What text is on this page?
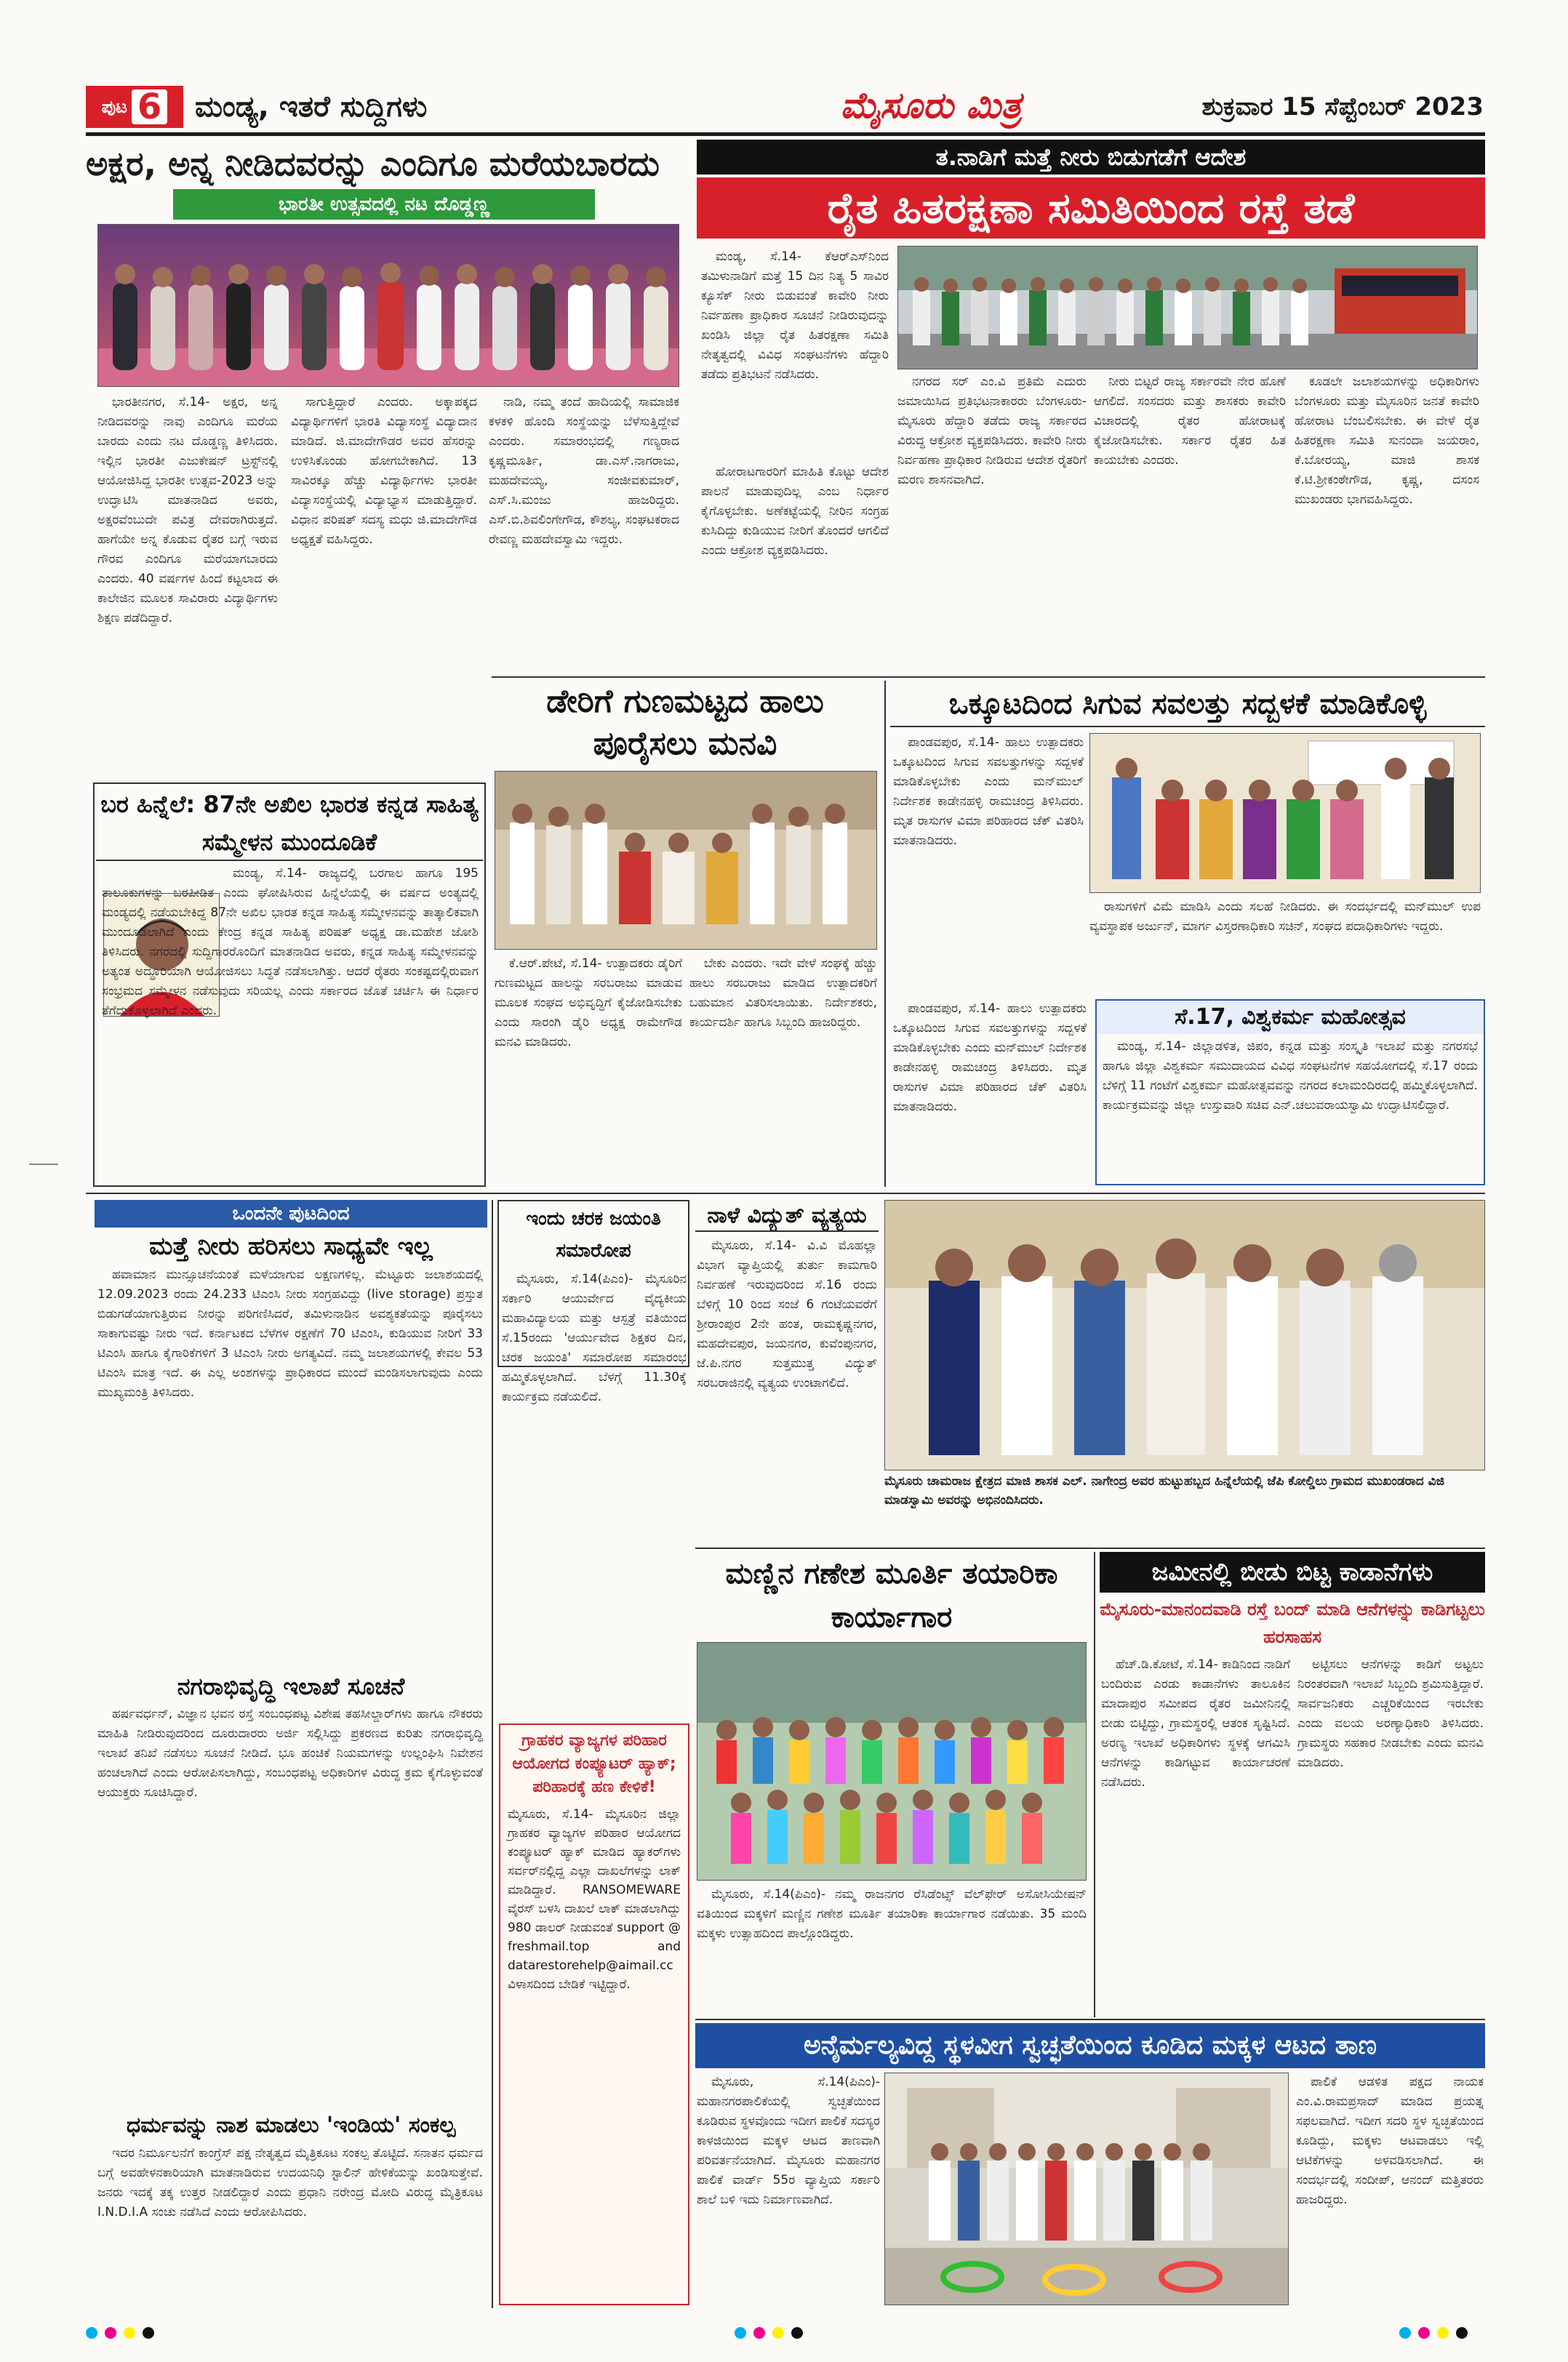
ಪುಟ 6 ಮಂಡ್ಯ, ಇತರೆ ಸುದ್ದಿಗಳು	ಮೈಸೂರು ಮಿತ್ರ	ಶುಕ್ರವಾರ 15 ಸೆಪ್ಟೆಂಬರ್ 2023
ಅಕ್ಷರ, ಅನ್ನ ನೀಡಿದವರನ್ನು ಎಂದಿಗೂ ಮರೆಯಬಾರದು
ಭಾರತೀ ಉತ್ಸವದಲ್ಲಿ ನಟ ದೊಡ್ಡಣ್ಣ

ಭಾರತೀನಗರ, ಸೆ.14- ಅಕ್ಷರ, ಅನ್ನ ನೀಡಿದವರನ್ನು ನಾವು ಎಂದಿಗೂ ಮರೆಯ ಬಾರದು ಎಂದು ನಟ ದೊಡ್ಡಣ್ಣ ತಿಳಿಸಿದರು. ಇಲ್ಲಿನ ಭಾರತೀ ಎಜುಕೇಷನ್ ಟ್ರಸ್ಟ್‌ನಲ್ಲಿ ಆಯೋಜಿಸಿದ್ದ ಭಾರತೀ ಉತ್ಸವ-2023 ಅನ್ನು ಉದ್ಘಾಟಿಸಿ ಮಾತನಾಡಿದ ಅವರು, ಅಕ್ಷರವೆಂಬುದೇ ಪವಿತ್ರ ದೇವರಾಗಿರುತ್ತದೆ. ಹಾಗೆಯೇ ಅನ್ನ ಕೊಡುವ ರೈತರ ಬಗ್ಗೆ ಇರುವ ಗೌರವ ಎಂದಿಗೂ ಮರೆಯಾಗಬಾರದು ಎಂದರು. 40 ವರ್ಷಗಳ ಹಿಂದೆ ಕಟ್ಟಲಾದ ಈ ಕಾಲೇಜಿನ ಮೂಲಕ ಸಾವಿರಾರು ವಿದ್ಯಾರ್ಥಿಗಳು ಶಿಕ್ಷಣ ಪಡೆದಿದ್ದಾರೆ.

ಸಾಗುತ್ತಿದ್ದಾರೆ ಎಂದರು. ಅಕ್ಕಾಪಕ್ಕದ ವಿದ್ಯಾರ್ಥಿಗಳಿಗೆ ಭಾರತಿ ವಿದ್ಯಾಸಂಸ್ಥೆ ವಿದ್ಯಾದಾನ ಮಾಡಿದೆ. ಜಿ.ಮಾದೇಗೌಡರ ಅವರ ಹೆಸರನ್ನು ಉಳಿಸಿಕೊಂಡು ಹೋಗಬೇಕಾಗಿದೆ. 13 ಸಾವಿರಕ್ಕೂ ಹೆಚ್ಚು ವಿದ್ಯಾರ್ಥಿಗಳು ಭಾರತೀ ವಿದ್ಯಾಸಂಸ್ಥೆಯಲ್ಲಿ ವಿದ್ಯಾಭ್ಯಾಸ ಮಾಡುತ್ತಿದ್ದಾರೆ. ವಿಧಾನ ಪರಿಷತ್ ಸದಸ್ಯ ಮಧು ಜಿ.ಮಾದೇಗೌಡ ಅಧ್ಯಕ್ಷತೆ ವಹಿಸಿದ್ದರು.

ನಾಡಿ, ನಮ್ಮ ತಂದೆ ಹಾದಿಯಲ್ಲಿ ಸಾಮಾಜಿಕ ಕಳಕಳಿ ಹೊಂದಿ ಸಂಸ್ಥೆಯನ್ನು ಬೆಳೆಸುತ್ತಿದ್ದೇವೆ ಎಂದರು. ಸಮಾರಂಭದಲ್ಲಿ ಗಣ್ಯರಾದ ಕೃಷ್ಣಮೂರ್ತಿ, ಡಾ.ಎಸ್.ನಾಗರಾಜು, ಮಹದೇವಯ್ಯ, ಸಂಜೀವಕುಮಾರ್, ಎಸ್.ಸಿ.ಮಂಜು ಹಾಜರಿದ್ದರು. ಎಸ್.ಬಿ.ಶಿವಲಿಂಗೇಗೌಡ, ಕೌಶಲ್ಯ, ಸಂಘಟಕರಾದ ರೇವಣ್ಣ ಮಹದೇವಸ್ವಾಮಿ ಇದ್ದರು.

ತ.ನಾಡಿಗೆ ಮತ್ತೆ ನೀರು ಬಿಡುಗಡೆಗೆ ಆದೇಶ
ರೈತ ಹಿತರಕ್ಷಣಾ ಸಮಿತಿಯಿಂದ ರಸ್ತೆ ತಡೆ

ಮಂಡ್ಯ, ಸೆ.14- ಕೆಆರ್‌ಎಸ್‌ನಿಂದ ತಮಿಳುನಾಡಿಗೆ ಮತ್ತೆ 15 ದಿನ ನಿತ್ಯ 5 ಸಾವಿರ ಕ್ಯೂಸೆಕ್ ನೀರು ಬಿಡುವಂತೆ ಕಾವೇರಿ ನೀರು ನಿರ್ವಹಣಾ ಪ್ರಾಧಿಕಾರ ಸೂಚನೆ ನೀಡಿರುವುದನ್ನು ಖಂಡಿಸಿ ಜಿಲ್ಲಾ ರೈತ ಹಿತರಕ್ಷಣಾ ಸಮಿತಿ ನೇತೃತ್ವದಲ್ಲಿ ವಿವಿಧ ಸಂಘಟನೆಗಳು ಹೆದ್ದಾರಿ ತಡೆದು ಪ್ರತಿಭಟನೆ ನಡೆಸಿದರು.	ನಗರದ ಸರ್ ಎಂ.ವಿ ಪ್ರತಿಮೆ ಎದುರು ಜಮಾಯಿಸಿದ ಪ್ರತಿಭಟನಾಕಾರರು ಬೆಂಗಳೂರು-ಮೈಸೂರು ಹೆದ್ದಾರಿ ತಡೆದು ರಾಜ್ಯ ಸರ್ಕಾರದ ವಿರುದ್ಧ ಆಕ್ರೋಶ ವ್ಯಕ್ತಪಡಿಸಿದರು. ಕಾವೇರಿ ನೀರು ನಿರ್ವಹಣಾ ಪ್ರಾಧಿಕಾರ ನೀಡಿರುವ ಆದೇಶ ರೈತರಿಗೆ ಮರಣ ಶಾಸನವಾಗಿದೆ.

ಹೋರಾಟಗಾರರಿಗೆ ಮಾಹಿತಿ ಕೊಟ್ಟು ಆದೇಶ ಪಾಲನೆ ಮಾಡುವುದಿಲ್ಲ ಎಂಬ ನಿರ್ಧಾರ ಕೈಗೊಳ್ಳಬೇಕು. ಅಣೆಕಟ್ಟೆಯಲ್ಲಿ ನೀರಿನ ಸಂಗ್ರಹ ಕುಸಿದಿದ್ದು ಕುಡಿಯುವ ನೀರಿಗೆ ತೊಂದರೆ ಆಗಲಿದೆ ಎಂದು ಆಕ್ರೋಶ ವ್ಯಕ್ತಪಡಿಸಿದರು.

ನೀರು ಬಿಟ್ಟರೆ ರಾಜ್ಯ ಸರ್ಕಾರವೇ ನೇರ ಹೊಣೆ ಆಗಲಿದೆ. ಸಂಸದರು ಮತ್ತು ಶಾಸಕರು ಕಾವೇರಿ ವಿಚಾರದಲ್ಲಿ ರೈತರ ಹೋರಾಟಕ್ಕೆ ಕೈಜೋಡಿಸಬೇಕು. ಸರ್ಕಾರ ರೈತರ ಹಿತ ಕಾಯಬೇಕು ಎಂದರು.

ಕೂಡಲೇ ಜಲಾಶಯಗಳನ್ನು ಅಧಿಕಾರಿಗಳು ಬೆಂಗಳೂರು ಮತ್ತು ಮೈಸೂರಿನ ಜನತೆ ಕಾವೇರಿ ಹೋರಾಟ ಬೆಂಬಲಿಸಬೇಕು. ಈ ವೇಳೆ ರೈತ ಹಿತರಕ್ಷಣಾ ಸಮಿತಿ ಸುನಂದಾ ಜಯರಾಂ, ಕೆ.ಬೋರಯ್ಯ, ಮಾಜಿ ಶಾಸಕ ಕೆ.ಟಿ.ಶ್ರೀಕಂಠೇಗೌಡ, ಕೃಷ್ಣ, ದಸಂಸ ಮುಖಂಡರು ಭಾಗವಹಿಸಿದ್ದರು.

ಡೇರಿಗೆ ಗುಣಮಟ್ಟದ ಹಾಲು ಪೂರೈಸಲು ಮನವಿ

ಕೆ.ಆರ್.ಪೇಟೆ, ಸೆ.14- ಉತ್ಪಾದಕರು ಡೈರಿಗೆ ಗುಣಮಟ್ಟದ ಹಾಲನ್ನು ಸರಬರಾಜು ಮಾಡುವ ಮೂಲಕ ಸಂಘದ ಅಭಿವೃದ್ಧಿಗೆ ಕೈಜೋಡಿಸಬೇಕು ಎಂದು ಸಾರಂಗಿ ಡೈರಿ ಅಧ್ಯಕ್ಷ ರಾಮೇಗೌಡ ಮನವಿ ಮಾಡಿದರು.

ಬೇಕು ಎಂದರು. ಇದೇ ವೇಳೆ ಸಂಘಕ್ಕೆ ಹೆಚ್ಚು ಹಾಲು ಸರಬರಾಜು ಮಾಡಿದ ಉತ್ಪಾದಕರಿಗೆ ಬಹುಮಾನ ವಿತರಿಸಲಾಯಿತು. ನಿರ್ದೇಶಕರು, ಕಾರ್ಯದರ್ಶಿ ಹಾಗೂ ಸಿಬ್ಬಂದಿ ಹಾಜರಿದ್ದರು.

ಒಕ್ಕೂಟದಿಂದ ಸಿಗುವ ಸವಲತ್ತು ಸದ್ಬಳಕೆ ಮಾಡಿಕೊಳ್ಳಿ

ಪಾಂಡವಪುರ, ಸೆ.14- ಹಾಲು ಉತ್ಪಾದಕರು ಒಕ್ಕೂಟದಿಂದ ಸಿಗುವ ಸವಲತ್ತುಗಳನ್ನು ಸದ್ಬಳಕೆ ಮಾಡಿಕೊಳ್ಳಬೇಕು ಎಂದು ಮನ್‌ಮುಲ್ ನಿರ್ದೇಶಕ ಕಾಡೇನಹಳ್ಳಿ ರಾಮಚಂದ್ರ ತಿಳಿಸಿದರು. ಮೃತ ರಾಸುಗಳ ವಿಮಾ ಪರಿಹಾರದ ಚೆಕ್ ವಿತರಿಸಿ ಮಾತನಾಡಿದರು.

ರಾಸುಗಳಿಗೆ ವಿಮೆ ಮಾಡಿಸಿ ಎಂದು ಸಲಹೆ ನೀಡಿದರು. ಈ ಸಂದರ್ಭದಲ್ಲಿ ಮನ್‌ಮುಲ್ ಉಪ ವ್ಯವಸ್ಥಾಪಕ ಅರ್ಜುನ್, ಮಾರ್ಗ ವಿಸ್ತರಣಾಧಿಕಾರಿ ಸಚಿನ್, ಸಂಘದ ಪದಾಧಿಕಾರಿಗಳು ಇದ್ದರು.

ಸೆ.17, ವಿಶ್ವಕರ್ಮ ಮಹೋತ್ಸವ

ಮಂಡ್ಯ, ಸೆ.14- ಜಿಲ್ಲಾಡಳಿತ, ಜಿಪಂ, ಕನ್ನಡ ಮತ್ತು ಸಂಸ್ಕೃತಿ ಇಲಾಖೆ ಮತ್ತು ನಗರಸಭೆ ಹಾಗೂ ಜಿಲ್ಲಾ ವಿಶ್ವಕರ್ಮ ಸಮುದಾಯದ ವಿವಿಧ ಸಂಘಟನೆಗಳ ಸಹಯೋಗದಲ್ಲಿ ಸೆ.17 ರಂದು ಬೆಳಿಗ್ಗೆ 11 ಗಂಟೆಗೆ ವಿಶ್ವಕರ್ಮ ಮಹೋತ್ಸವವನ್ನು ನಗರದ ಕಲಾಮಂದಿರದಲ್ಲಿ ಹಮ್ಮಿಕೊಳ್ಳಲಾಗಿದೆ. ಕಾರ್ಯಕ್ರಮವನ್ನು ಜಿಲ್ಲಾ ಉಸ್ತುವಾರಿ ಸಚಿವ ಎನ್.ಚಲುವರಾಯಸ್ವಾಮಿ ಉದ್ಘಾಟಿಸಲಿದ್ದಾರೆ.

ಪಾಂಡವಪುರ, ಸೆ.14- ಹಾಲು ಉತ್ಪಾದಕರು ಒಕ್ಕೂಟದಿಂದ ಸಿಗುವ ಸವಲತ್ತುಗಳನ್ನು ಸದ್ಬಳಕೆ ಮಾಡಿಕೊಳ್ಳಬೇಕು ಎಂದು ಮನ್‌ಮುಲ್ ನಿರ್ದೇಶಕ ಕಾಡೇನಹಳ್ಳಿ ರಾಮಚಂದ್ರ ತಿಳಿಸಿದರು. ಮೃತ ರಾಸುಗಳ ವಿಮಾ ಪರಿಹಾರದ ಚೆಕ್ ವಿತರಿಸಿ ಮಾತನಾಡಿದರು.

ಬರ ಹಿನ್ನೆಲೆ: 87ನೇ ಅಖಿಲ ಭಾರತ ಕನ್ನಡ ಸಾಹಿತ್ಯ ಸಮ್ಮೇಳನ ಮುಂದೂಡಿಕೆ

ಮಂಡ್ಯ, ಸೆ.14- ರಾಜ್ಯದಲ್ಲಿ ಬರಗಾಲ ಹಾಗೂ 195 ತಾಲೂಕುಗಳನ್ನು ಬರಪೀಡಿತ ಎಂದು ಘೋಷಿಸಿರುವ ಹಿನ್ನೆಲೆಯಲ್ಲಿ ಈ ವರ್ಷದ ಅಂತ್ಯದಲ್ಲಿ ಮಂಡ್ಯದಲ್ಲಿ ನಡೆಯಬೇಕಿದ್ದ 87ನೇ ಅಖಿಲ ಭಾರತ ಕನ್ನಡ ಸಾಹಿತ್ಯ ಸಮ್ಮೇಳನವನ್ನು ತಾತ್ಕಾಲಿಕವಾಗಿ ಮುಂದೂಡಲಾಗಿದೆ ಎಂದು ಕೇಂದ್ರ ಕನ್ನಡ ಸಾಹಿತ್ಯ ಪರಿಷತ್ ಅಧ್ಯಕ್ಷ ಡಾ.ಮಹೇಶ ಜೋಶಿ ತಿಳಿಸಿದರು. ನಗರದಲ್ಲಿ ಸುದ್ದಿಗಾರರೊಂದಿಗೆ ಮಾತನಾಡಿದ ಅವರು, ಕನ್ನಡ ಸಾಹಿತ್ಯ ಸಮ್ಮೇಳನವನ್ನು ಅತ್ಯಂತ ಅದ್ಧೂರಿಯಾಗಿ ಆಯೋಜಿಸಲು ಸಿದ್ಧತೆ ನಡೆಸಲಾಗಿತ್ತು. ಆದರೆ ರೈತರು ಸಂಕಷ್ಟದಲ್ಲಿರುವಾಗ ಸಂಭ್ರಮದ ಸಮ್ಮೇಳನ ನಡೆಸುವುದು ಸರಿಯಲ್ಲ ಎಂದು ಸರ್ಕಾರದ ಜೊತೆ ಚರ್ಚಿಸಿ ಈ ನಿರ್ಧಾರ ತೆಗೆದುಕೊಳ್ಳಲಾಗಿದೆ ಎಂದರು.

ಒಂದನೇ ಪುಟದಿಂದ
ಮತ್ತೆ ನೀರು ಹರಿಸಲು ಸಾಧ್ಯವೇ ಇಲ್ಲ

ಹವಾಮಾನ ಮುನ್ಸೂಚನೆಯಂತೆ ಮಳೆಯಾಗುವ ಲಕ್ಷಣಗಳಿಲ್ಲ. ಮೆಟ್ಟೂರು ಜಲಾಶಯದಲ್ಲಿ 12.09.2023 ರಂದು 24.233 ಟಿಎಂಸಿ ನೀರು ಸಂಗ್ರಹವಿದ್ದು (live storage) ಪ್ರಸ್ತುತ ಬಿಡುಗಡೆಯಾಗುತ್ತಿರುವ ನೀರನ್ನು ಪರಿಗಣಿಸಿದರೆ, ತಮಿಳುನಾಡಿನ ಅವಶ್ಯಕತೆಯನ್ನು ಪೂರೈಸಲು ಸಾಕಾಗುವಷ್ಟು ನೀರು ಇದೆ. ಕರ್ನಾಟಕದ ಬೆಳೆಗಳ ರಕ್ಷಣೆಗೆ 70 ಟಿಎಂಸಿ, ಕುಡಿಯುವ ನೀರಿಗೆ 33 ಟಿಎಂಸಿ ಹಾಗೂ ಕೈಗಾರಿಕೆಗಳಿಗೆ 3 ಟಿಎಂಸಿ ನೀರು ಅಗತ್ಯವಿದೆ. ನಮ್ಮ ಜಲಾಶಯಗಳಲ್ಲಿ ಕೇವಲ 53 ಟಿಎಂಸಿ ಮಾತ್ರ ಇದೆ. ಈ ಎಲ್ಲ ಅಂಶಗಳನ್ನು ಪ್ರಾಧಿಕಾರದ ಮುಂದೆ ಮಂಡಿಸಲಾಗುವುದು ಎಂದು ಮುಖ್ಯಮಂತ್ರಿ ತಿಳಿಸಿದರು.

ನಗರಾಭಿವೃದ್ಧಿ ಇಲಾಖೆ ಸೂಚನೆ

ಹರ್ಷವರ್ಧನ್, ವಿಜ್ಞಾನ ಭವನ ರಸ್ತೆ ಸಂಬಂಧಪಟ್ಟ ವಿಶೇಷ ತಹಸೀಲ್ದಾರ್‌ಗಳು ಹಾಗೂ ನೌಕರರು ಮಾಹಿತಿ ನೀಡಿರುವುದರಿಂದ ದೂರುದಾರರು ಅರ್ಜಿ ಸಲ್ಲಿಸಿದ್ದು ಪ್ರಕರಣದ ಕುರಿತು ನಗರಾಭಿವೃದ್ಧಿ ಇಲಾಖೆ ತನಿಖೆ ನಡೆಸಲು ಸೂಚನೆ ನೀಡಿದೆ. ಭೂ ಹಂಚಿಕೆ ನಿಯಮಗಳನ್ನು ಉಲ್ಲಂಘಿಸಿ ನಿವೇಶನ ಹಂಚಲಾಗಿದೆ ಎಂದು ಆರೋಪಿಸಲಾಗಿದ್ದು, ಸಂಬಂಧಪಟ್ಟ ಅಧಿಕಾರಿಗಳ ವಿರುದ್ಧ ಕ್ರಮ ಕೈಗೊಳ್ಳುವಂತೆ ಆಯುಕ್ತರು ಸೂಚಿಸಿದ್ದಾರೆ.

ಧರ್ಮವನ್ನು ನಾಶ ಮಾಡಲು 'ಇಂಡಿಯ' ಸಂಕಲ್ಪ

ಇದರ ನಿರ್ಮೂಲನೆಗೆ ಕಾಂಗ್ರೆಸ್ ಪಕ್ಷ ನೇತೃತ್ವದ ಮೈತ್ರಿಕೂಟ ಸಂಕಲ್ಪ ತೊಟ್ಟಿದೆ. ಸನಾತನ ಧರ್ಮದ ಬಗ್ಗೆ ಅವಹೇಳನಕಾರಿಯಾಗಿ ಮಾತನಾಡಿರುವ ಉದಯನಿಧಿ ಸ್ಟಾಲಿನ್ ಹೇಳಿಕೆಯನ್ನು ಖಂಡಿಸುತ್ತೇವೆ. ಜನರು ಇದಕ್ಕೆ ತಕ್ಕ ಉತ್ತರ ನೀಡಲಿದ್ದಾರೆ ಎಂದು ಪ್ರಧಾನಿ ನರೇಂದ್ರ ಮೋದಿ ವಿರುದ್ಧ ಮೈತ್ರಿಕೂಟ I.N.D.I.A ಸಂಚು ನಡೆಸಿದೆ ಎಂದು ಆರೋಪಿಸಿದರು.

ಇಂದು ಚರಕ ಜಯಂತಿ ಸಮಾರೋಪ

ಮೈಸೂರು, ಸೆ.14(ಪಿಎಂ)- ಮೈಸೂರಿನ ಸರ್ಕಾರಿ ಆಯುರ್ವೇದ ವೈದ್ಯಕೀಯ ಮಹಾವಿದ್ಯಾಲಯ ಮತ್ತು ಆಸ್ಪತ್ರೆ ವತಿಯಿಂದ ಸೆ.15ರಂದು 'ಆರ್ಯುವೇದ ಶಿಕ್ಷಕರ ದಿನ, ಚರಕ ಜಯಂತಿ' ಸಮಾರೋಪ ಸಮಾರಂಭ ಹಮ್ಮಿಕೊಳ್ಳಲಾಗಿದೆ. ಬೆಳಗ್ಗೆ 11.30ಕ್ಕೆ ಕಾರ್ಯಕ್ರಮ ನಡೆಯಲಿದೆ.

ಗ್ರಾಹಕರ ವ್ಯಾಜ್ಯಗಳ ಪರಿಹಾರ ಆಯೋಗದ ಕಂಪ್ಯೂಟರ್ ಹ್ಯಾಕ್; ಪರಿಹಾರಕ್ಕೆ ಹಣ ಕೇಳಿಕೆ!
ಮೈಸೂರು, ಸೆ.14- ಮೈಸೂರಿನ ಜಿಲ್ಲಾ ಗ್ರಾಹಕರ ವ್ಯಾಜ್ಯಗಳ ಪರಿಹಾರ ಆಯೋಗದ ಕಂಪ್ಯೂಟರ್ ಹ್ಯಾಕ್ ಮಾಡಿದ ಹ್ಯಾಕರ್‌ಗಳು ಸರ್ವರ್‌ನಲ್ಲಿದ್ದ ಎಲ್ಲಾ ದಾಖಲೆಗಳನ್ನು ಲಾಕ್ ಮಾಡಿದ್ದಾರೆ. RANSOMEWARE ವೈರಸ್ ಬಳಸಿ ದಾಖಲೆ ಲಾಕ್ ಮಾಡಲಾಗಿದ್ದು 980 ಡಾಲರ್ ನೀಡುವಂತೆ support @ freshmail.top and datarestorehelp@aimail.cc ವಿಳಾಸದಿಂದ ಬೇಡಿಕೆ ಇಟ್ಟಿದ್ದಾರೆ.
ನಾಳೆ ವಿದ್ಯುತ್ ವ್ಯತ್ಯಯ

ಮೈಸೂರು, ಸೆ.14- ವಿ.ವಿ ಮೊಹಲ್ಲಾ ವಿಭಾಗ ವ್ಯಾಪ್ತಿಯಲ್ಲಿ ತುರ್ತು ಕಾಮಗಾರಿ ನಿರ್ವಹಣೆ ಇರುವುದರಿಂದ ಸೆ.16 ರಂದು ಬೆಳಿಗ್ಗೆ 10 ರಿಂದ ಸಂಜೆ 6 ಗಂಟೆಯವರೆಗೆ ಶ್ರೀರಾಂಪುರ 2ನೇ ಹಂತ, ರಾಮಕೃಷ್ಣನಗರ, ಮಹದೇವಪುರ, ಜಯನಗರ, ಕುವೆಂಪುನಗರ, ಜೆ.ಪಿ.ನಗರ ಸುತ್ತಮುತ್ತ ವಿದ್ಯುತ್ ಸರಬರಾಜಿನಲ್ಲಿ ವ್ಯತ್ಯಯ ಉಂಟಾಗಲಿದೆ.

ಮೈಸೂರು ಚಾಮರಾಜ ಕ್ಷೇತ್ರದ ಮಾಜಿ ಶಾಸಕ ಎಲ್. ನಾಗೇಂದ್ರ ಅವರ ಹುಟ್ಟುಹಬ್ಬದ ಹಿನ್ನೆಲೆಯಲ್ಲಿ ಜೆಪಿ ಕೋಲ್ಡಿಲು ಗ್ರಾಮದ ಮುಖಂಡರಾದ ವಿಜಿ ಮಾಡಸ್ವಾಮಿ ಅವರನ್ನು ಅಭಿನಂದಿಸಿದರು.
ಮಣ್ಣಿನ ಗಣೇಶ ಮೂರ್ತಿ ತಯಾರಿಕಾ ಕಾರ್ಯಾಗಾರ

ಮೈಸೂರು, ಸೆ.14(ಪಿಎಂ)- ನಮ್ಮ ರಾಜನಗರ ರೆಸಿಡೆಂಟ್ಸ್ ವೆಲ್‌ಫೇರ್ ಅಸೋಸಿಯೇಷನ್ ವತಿಯಿಂದ ಮಕ್ಕಳಿಗೆ ಮಣ್ಣಿನ ಗಣೇಶ ಮೂರ್ತಿ ತಯಾರಿಕಾ ಕಾರ್ಯಾಗಾರ ನಡೆಯಿತು. 35 ಮಂದಿ ಮಕ್ಕಳು ಉತ್ಸಾಹದಿಂದ ಪಾಲ್ಗೊಂಡಿದ್ದರು.

ಜಮೀನಲ್ಲಿ ಬೀಡು ಬಿಟ್ಟ ಕಾಡಾನೆಗಳು
ಮೈಸೂರು-ಮಾನಂದವಾಡಿ ರಸ್ತೆ ಬಂದ್ ಮಾಡಿ ಆನೆಗಳನ್ನು ಕಾಡಿಗಟ್ಟಲು ಹರಸಾಹಸ

ಹೆಚ್.ಡಿ.ಕೋಟೆ, ಸೆ.14- ಕಾಡಿನಿಂದ ನಾಡಿಗೆ ಬಂದಿರುವ ಎರಡು ಕಾಡಾನೆಗಳು ತಾಲೂಕಿನ ಮಾದಾಪುರ ಸಮೀಪದ ರೈತರ ಜಮೀನಿನಲ್ಲಿ ಬೀಡು ಬಿಟ್ಟಿದ್ದು, ಗ್ರಾಮಸ್ಥರಲ್ಲಿ ಆತಂಕ ಸೃಷ್ಟಿಸಿದೆ. ಅರಣ್ಯ ಇಲಾಖೆ ಅಧಿಕಾರಿಗಳು ಸ್ಥಳಕ್ಕೆ ಆಗಮಿಸಿ ಆನೆಗಳನ್ನು ಕಾಡಿಗಟ್ಟುವ ಕಾರ್ಯಾಚರಣೆ ನಡೆಸಿದರು.

ಅಟ್ಟಿಸಲು ಆನೆಗಳನ್ನು ಕಾಡಿಗೆ ಅಟ್ಟಲು ನಿರಂತರವಾಗಿ ಇಲಾಖೆ ಸಿಬ್ಬಂದಿ ಶ್ರಮಿಸುತ್ತಿದ್ದಾರೆ. ಸಾರ್ವಜನಿಕರು ಎಚ್ಚರಿಕೆಯಿಂದ ಇರಬೇಕು ಎಂದು ವಲಯ ಅರಣ್ಯಾಧಿಕಾರಿ ತಿಳಿಸಿದರು. ಗ್ರಾಮಸ್ಥರು ಸಹಕಾರ ನೀಡಬೇಕು ಎಂದು ಮನವಿ ಮಾಡಿದರು.

ಅನೈರ್ಮಲ್ಯವಿದ್ದ ಸ್ಥಳವೀಗ ಸ್ವಚ್ಛತೆಯಿಂದ ಕೂಡಿದ ಮಕ್ಕಳ ಆಟದ ತಾಣ

ಮೈಸೂರು, ಸೆ.14(ಪಿಎಂ)- ಮಹಾನಗರಪಾಲಿಕೆಯಲ್ಲಿ ಸ್ವಚ್ಛತೆಯಿಂದ ಕೂಡಿರುವ ಸ್ಥಳವೊಂದು ಇದೀಗ ಪಾಲಿಕೆ ಸದಸ್ಯರ ಕಾಳಜಿಯಿಂದ ಮಕ್ಕಳ ಆಟದ ತಾಣವಾಗಿ ಪರಿವರ್ತನೆಯಾಗಿದೆ. ಮೈಸೂರು ಮಹಾನಗರ ಪಾಲಿಕೆ ವಾರ್ಡ್ 55ರ ವ್ಯಾಪ್ತಿಯ ಸರ್ಕಾರಿ ಶಾಲೆ ಬಳಿ ಇದು ನಿರ್ಮಾಣವಾಗಿದೆ.

ಪಾಲಿಕೆ ಆಡಳಿತ ಪಕ್ಷದ ನಾಯಕ ಎಂ.ವಿ.ರಾಮಪ್ರಸಾದ್ ಮಾಡಿದ ಪ್ರಯತ್ನ ಸಫಲವಾಗಿದೆ. ಇದೀಗ ಸದರಿ ಸ್ಥಳ ಸ್ವಚ್ಛತೆಯಿಂದ ಕೂಡಿದ್ದು, ಮಕ್ಕಳು ಆಟವಾಡಲು ಇಲ್ಲಿ ಆಟಿಕೆಗಳನ್ನು ಅಳವಡಿಸಲಾಗಿದೆ. ಈ ಸಂದರ್ಭದಲ್ಲಿ ಸಂದೀಪ್, ಆನಂದ್ ಮತ್ತಿತರರು ಹಾಜರಿದ್ದರು.
